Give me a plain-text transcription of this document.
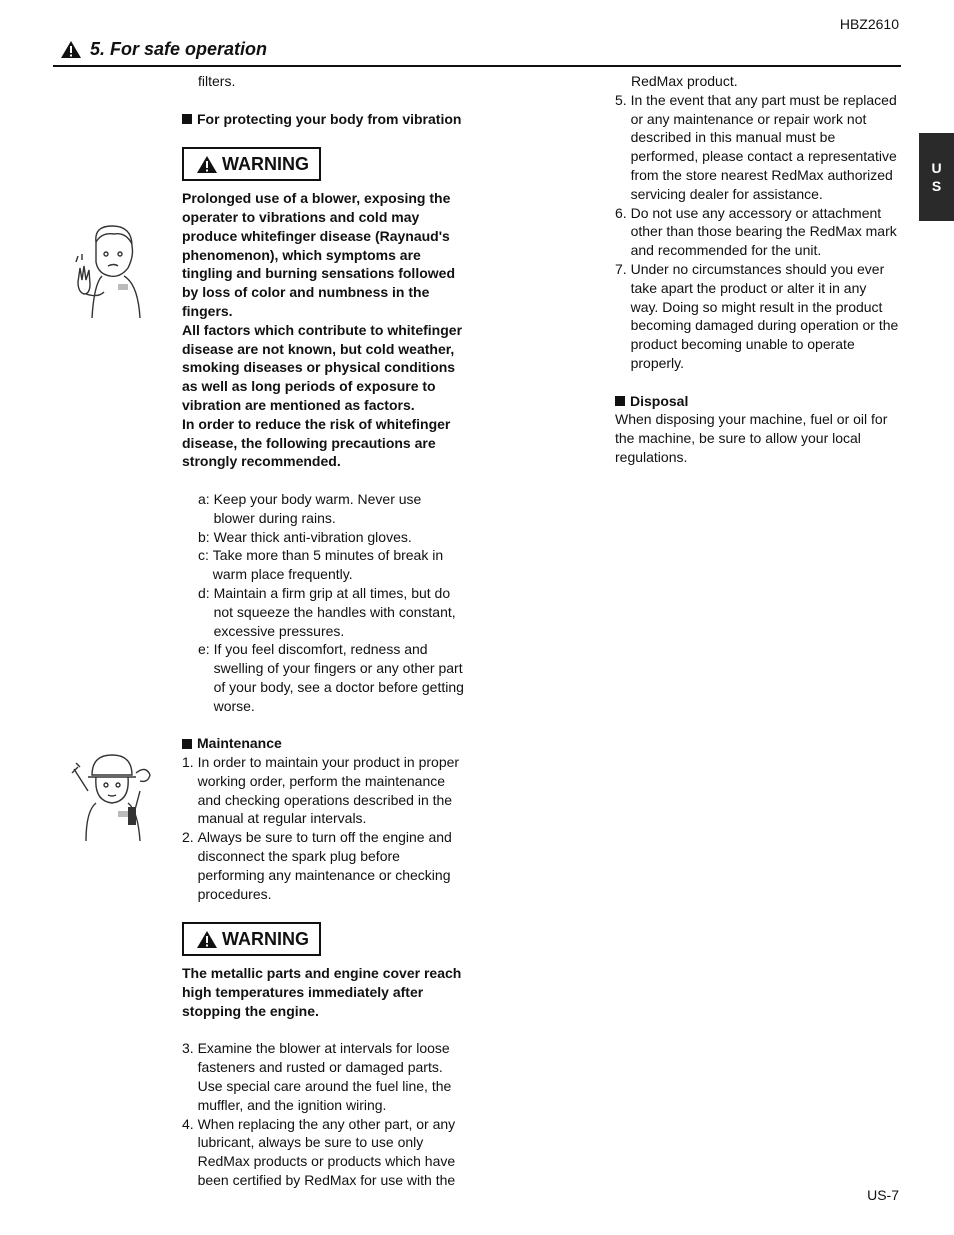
HBZ2610
5. For safe operation
U
S

filters.

For protecting your body from vibration
WARNING

Prolonged use of a blower, exposing the

operater to vibrations and cold may

produce whitefinger disease (Raynaud's

phenomenon), which symptoms are

tingling and burning sensations followed

by loss of color and numbness in the

fingers.

All factors which contribute to whitefinger

disease are not known, but cold weather,

smoking diseases or physical conditions

as well as long periods of exposure to

vibration are mentioned as factors.

In order to reduce the risk of whitefinger

disease, the following precautions are

strongly recommended.

a: Keep your body warm. Never use

blower during rains.

b: Wear thick anti-vibration gloves.

c: Take more than 5 minutes of break in

warm place frequently.

d: Maintain a firm grip at all times, but do

not squeeze the handles with constant,

excessive pressures.

e: If you feel discomfort, redness and

swelling of your fingers or any other part

of your body, see a doctor before getting

worse.

Maintenance
1. In order to maintain your product in proper

working order, perform the maintenance

and checking operations described in the

manual at regular intervals.

2. Always be sure to turn off the engine and

disconnect the spark plug before

performing any maintenance or checking

procedures.

WARNING

The metallic parts and engine cover reach

high temperatures immediately after

stopping the engine.

3. Examine the blower at intervals for loose

fasteners and rusted or damaged parts.

Use special care around the fuel line, the

muffler, and the ignition wiring.

4. When replacing the any other part, or any

lubricant, always be sure to use only

RedMax products or products which have

been certified by RedMax for use with the

RedMax product.

5. In the event that any part must be replaced

or any maintenance or repair work not

described in this manual must be

performed, please contact a representative

from the store nearest RedMax authorized

servicing dealer for assistance.

6. Do not use any accessory or attachment

other than those bearing the RedMax mark

and recommended for the unit.

7. Under no circumstances should you ever

take apart the product or alter it in any

way. Doing so might result in the product

becoming damaged during operation or the

product becoming unable to operate

properly.

Disposal

When disposing your machine, fuel or oil for

the machine, be sure to allow your local

regulations.

US-7
